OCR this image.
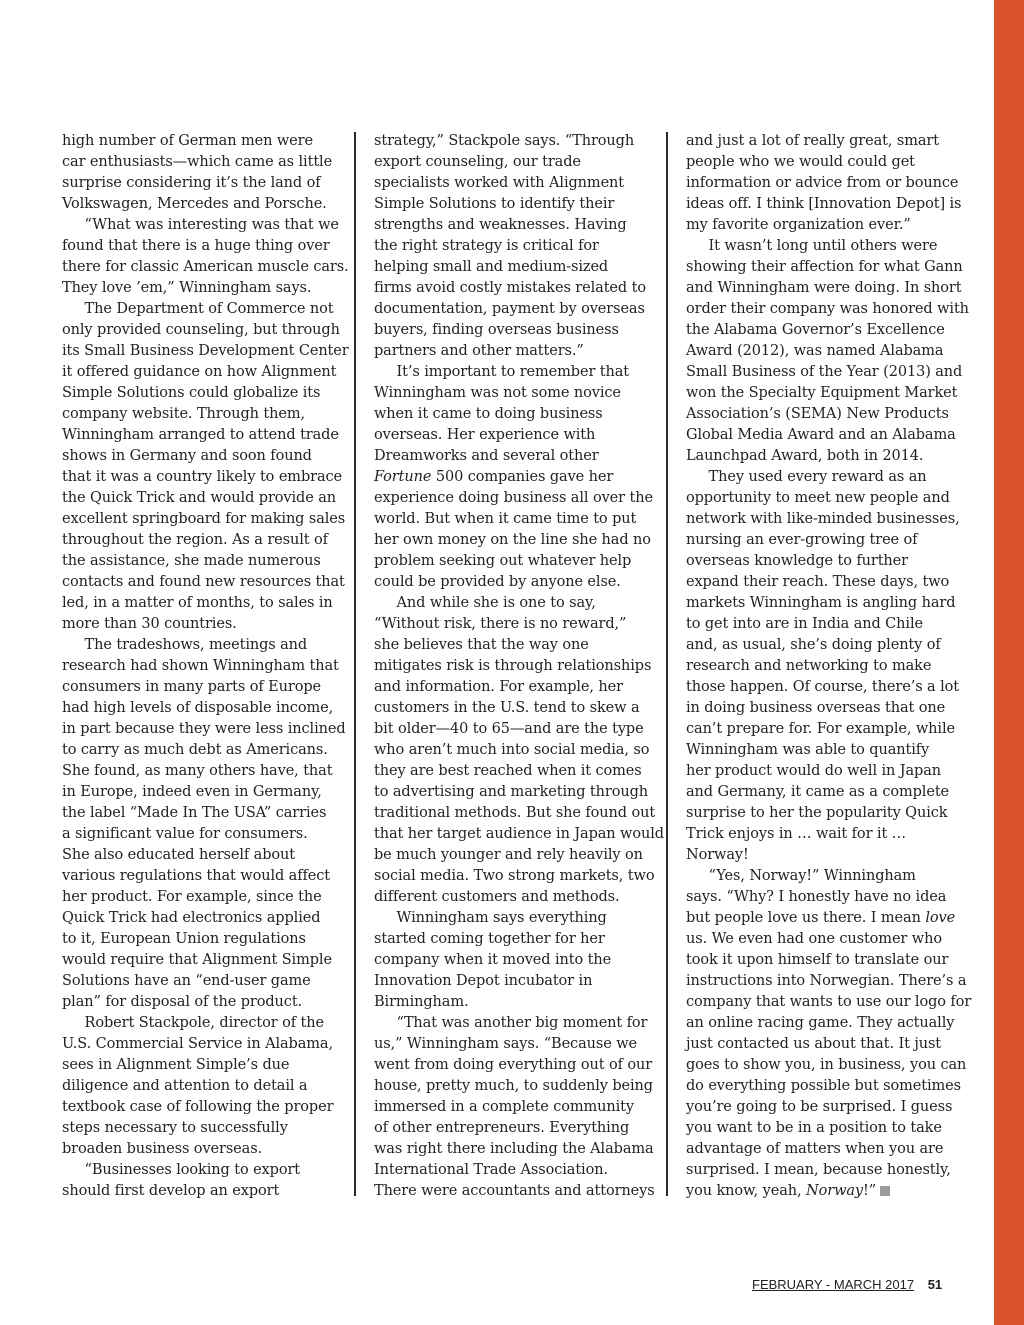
high number of German men were
car enthusiasts—which came as little
surprise considering it’s the land of
Volkswagen, Mercedes and Porsche.
“What was interesting was that we
found that there is a huge thing over
there for classic American muscle cars.
They love ’em,” Winningham says.
The Department of Commerce not
only provided counseling, but through
its Small Business Development Center
it offered guidance on how Alignment
Simple Solutions could globalize its
company website. Through them,
Winningham arranged to attend trade
shows in Germany and soon found
that it was a country likely to embrace
the Quick Trick and would provide an
excellent springboard for making sales
throughout the region. As a result of
the assistance, she made numerous
contacts and found new resources that
led, in a matter of months, to sales in
more than 30 countries.
The tradeshows, meetings and
research had shown Winningham that
consumers in many parts of Europe
had high levels of disposable income,
in part because they were less inclined
to carry as much debt as Americans.
She found, as many others have, that
in Europe, indeed even in Germany,
the label “Made In The USA” carries
a significant value for consumers.
She also educated herself about
various regulations that would affect
her product. For example, since the
Quick Trick had electronics applied
to it, European Union regulations
would require that Alignment Simple
Solutions have an “end-user game
plan” for disposal of the product.
Robert Stackpole, director of the
U.S. Commercial Service in Alabama,
sees in Alignment Simple’s due
diligence and attention to detail a
textbook case of following the proper
steps necessary to successfully
broaden business overseas.
“Businesses looking to export
should first develop an export
strategy,” Stackpole says. “Through
export counseling, our trade
specialists worked with Alignment
Simple Solutions to identify their
strengths and weaknesses. Having
the right strategy is critical for
helping small and medium-sized
firms avoid costly mistakes related to
documentation, payment by overseas
buyers, finding overseas business
partners and other matters.”
It’s important to remember that
Winningham was not some novice
when it came to doing business
overseas. Her experience with
Dreamworks and several other
Fortune 500 companies gave her
experience doing business all over the
world. But when it came time to put
her own money on the line she had no
problem seeking out whatever help
could be provided by anyone else.
And while she is one to say,
“Without risk, there is no reward,”
she believes that the way one
mitigates risk is through relationships
and information. For example, her
customers in the U.S. tend to skew a
bit older—40 to 65—and are the type
who aren’t much into social media, so
they are best reached when it comes
to advertising and marketing through
traditional methods. But she found out
that her target audience in Japan would
be much younger and rely heavily on
social media. Two strong markets, two
different customers and methods.
Winningham says everything
started coming together for her
company when it moved into the
Innovation Depot incubator in
Birmingham.
“That was another big moment for
us,” Winningham says. “Because we
went from doing everything out of our
house, pretty much, to suddenly being
immersed in a complete community
of other entrepreneurs. Everything
was right there including the Alabama
International Trade Association.
There were accountants and attorneys
and just a lot of really great, smart
people who we would could get
information or advice from or bounce
ideas off. I think [Innovation Depot] is
my favorite organization ever.”
It wasn’t long until others were
showing their affection for what Gann
and Winningham were doing. In short
order their company was honored with
the Alabama Governor’s Excellence
Award (2012), was named Alabama
Small Business of the Year (2013) and
won the Specialty Equipment Market
Association’s (SEMA) New Products
Global Media Award and an Alabama
Launchpad Award, both in 2014.
They used every reward as an
opportunity to meet new people and
network with like-minded businesses,
nursing an ever-growing tree of
overseas knowledge to further
expand their reach. These days, two
markets Winningham is angling hard
to get into are in India and Chile
and, as usual, she’s doing plenty of
research and networking to make
those happen. Of course, there’s a lot
in doing business overseas that one
can’t prepare for. For example, while
Winningham was able to quantify
her product would do well in Japan
and Germany, it came as a complete
surprise to her the popularity Quick
Trick enjoys in … wait for it …
Norway!
“Yes, Norway!” Winningham
says. “Why? I honestly have no idea
but people love us there. I mean love
us. We even had one customer who
took it upon himself to translate our
instructions into Norwegian. There’s a
company that wants to use our logo for
an online racing game. They actually
just contacted us about that. It just
goes to show you, in business, you can
do everything possible but sometimes
you’re going to be surprised. I guess
you want to be in a position to take
advantage of matters when you are
surprised. I mean, because honestly,
you know, yeah, Norway!”
FEBRUARY - MARCH 2017 51
